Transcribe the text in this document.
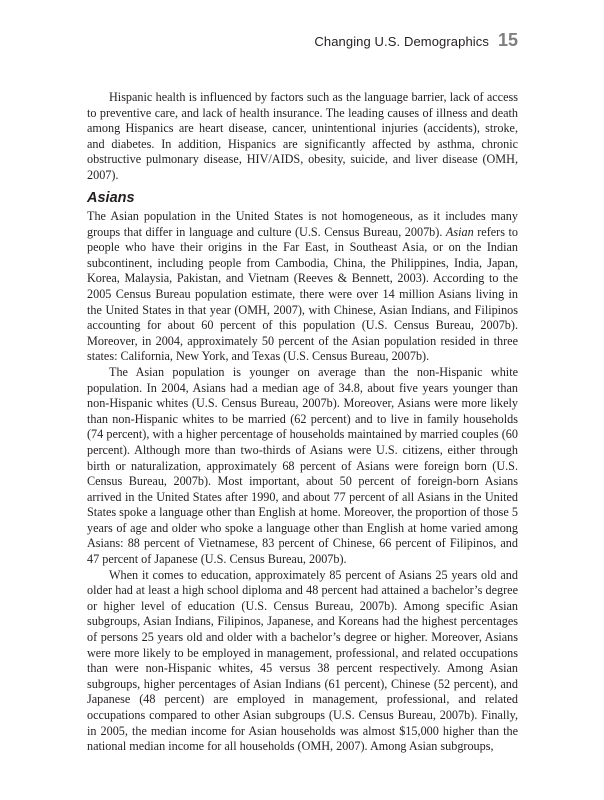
Changing U.S. Demographics 15

Hispanic health is influenced by factors such as the language barrier, lack of access to preventive care, and lack of health insurance. The leading causes of illness and death among Hispanics are heart disease, cancer, unintentional injuries (accidents), stroke, and diabetes. In addition, Hispanics are significantly affected by asthma, chronic obstructive pulmonary disease, HIV/AIDS, obesity, suicide, and liver disease (OMH, 2007).

Asians

The Asian population in the United States is not homogeneous, as it includes many groups that differ in language and culture (U.S. Census Bureau, 2007b). Asian refers to people who have their origins in the Far East, in Southeast Asia, or on the Indian subcontinent, including people from Cambodia, China, the Philippines, India, Japan, Korea, Malaysia, Pakistan, and Vietnam (Reeves & Bennett, 2003). According to the 2005 Census Bureau population estimate, there were over 14 million Asians living in the United States in that year (OMH, 2007), with Chinese, Asian Indians, and Filipinos accounting for about 60 percent of this population (U.S. Census Bureau, 2007b). Moreover, in 2004, approximately 50 percent of the Asian population resided in three states: California, New York, and Texas (U.S. Census Bureau, 2007b).

The Asian population is younger on average than the non-Hispanic white population. In 2004, Asians had a median age of 34.8, about five years younger than non-Hispanic whites (U.S. Census Bureau, 2007b). Moreover, Asians were more likely than non-Hispanic whites to be married (62 percent) and to live in family households (74 percent), with a higher percentage of households maintained by married couples (60 percent). Although more than two-thirds of Asians were U.S. citizens, either through birth or naturalization, approximately 68 percent of Asians were foreign born (U.S. Census Bureau, 2007b). Most important, about 50 percent of foreign-born Asians arrived in the United States after 1990, and about 77 percent of all Asians in the United States spoke a language other than English at home. Moreover, the proportion of those 5 years of age and older who spoke a language other than English at home varied among Asians: 88 percent of Vietnamese, 83 percent of Chinese, 66 percent of Filipinos, and 47 percent of Japanese (U.S. Census Bureau, 2007b).

When it comes to education, approximately 85 percent of Asians 25 years old and older had at least a high school diploma and 48 percent had attained a bachelor’s degree or higher level of education (U.S. Census Bureau, 2007b). Among specific Asian subgroups, Asian Indians, Filipinos, Japanese, and Koreans had the highest percentages of persons 25 years old and older with a bachelor’s degree or higher. Moreover, Asians were more likely to be employed in management, professional, and related occupations than were non-Hispanic whites, 45 versus 38 percent respectively. Among Asian subgroups, higher percentages of Asian Indians (61 percent), Chinese (52 percent), and Japanese (48 percent) are employed in management, professional, and related occupations compared to other Asian subgroups (U.S. Census Bureau, 2007b). Finally, in 2005, the median income for Asian households was almost $15,000 higher than the national median income for all households (OMH, 2007). Among Asian subgroups,
